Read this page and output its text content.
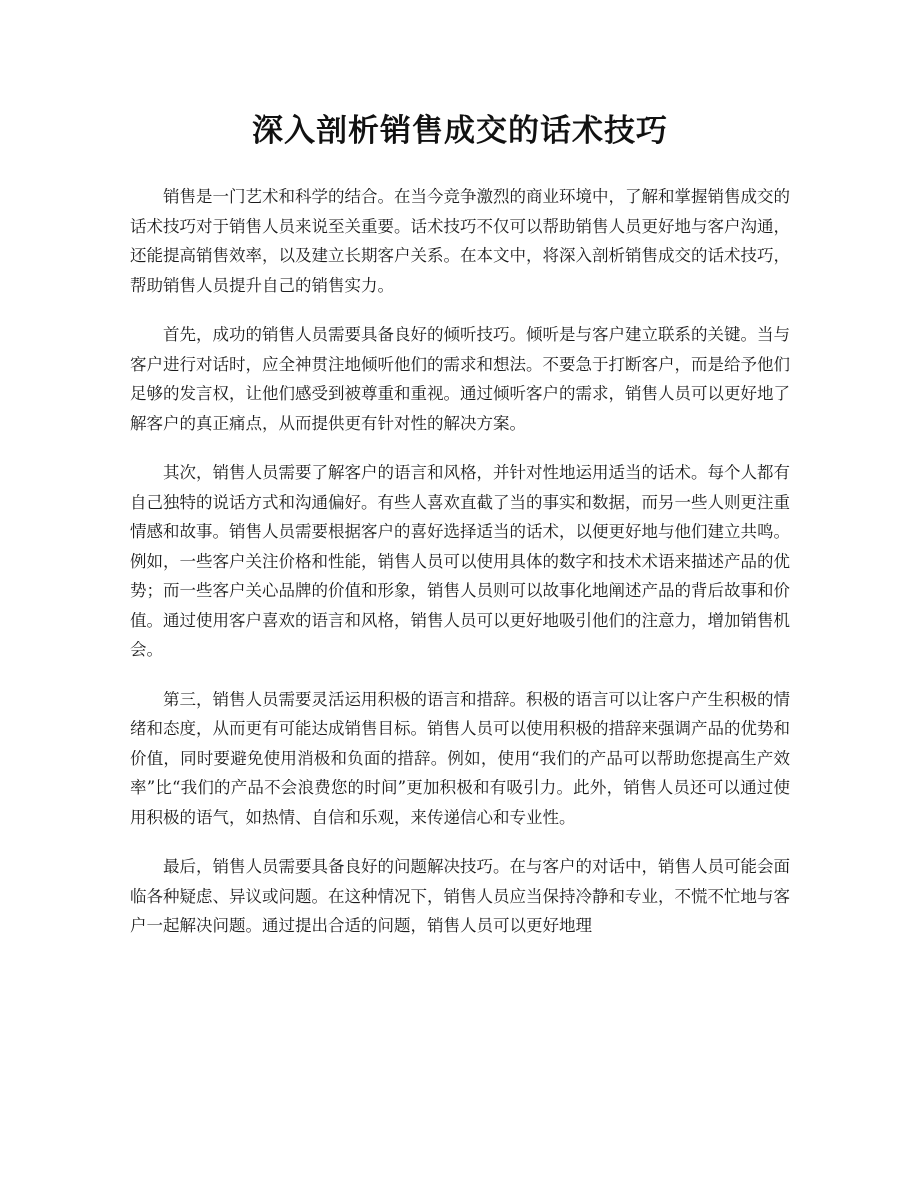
深入剖析销售成交的话术技巧

销售是一门艺术和科学的结合。在当今竞争激烈的商业环境中，了解和掌握销售成交的话术技巧对于销售人员来说至关重要。话术技巧不仅可以帮助销售人员更好地与客户沟通，还能提高销售效率，以及建立长期客户关系。在本文中，将深入剖析销售成交的话术技巧，帮助销售人员提升自己的销售实力。

首先，成功的销售人员需要具备良好的倾听技巧。倾听是与客户建立联系的关键。当与客户进行对话时，应全神贯注地倾听他们的需求和想法。不要急于打断客户，而是给予他们足够的发言权，让他们感受到被尊重和重视。通过倾听客户的需求，销售人员可以更好地了解客户的真正痛点，从而提供更有针对性的解决方案。

其次，销售人员需要了解客户的语言和风格，并针对性地运用适当的话术。每个人都有自己独特的说话方式和沟通偏好。有些人喜欢直截了当的事实和数据，而另一些人则更注重情感和故事。销售人员需要根据客户的喜好选择适当的话术，以便更好地与他们建立共鸣。例如，一些客户关注价格和性能，销售人员可以使用具体的数字和技术术语来描述产品的优势；而一些客户关心品牌的价值和形象，销售人员则可以故事化地阐述产品的背后故事和价值。通过使用客户喜欢的语言和风格，销售人员可以更好地吸引他们的注意力，增加销售机会。

第三，销售人员需要灵活运用积极的语言和措辞。积极的语言可以让客户产生积极的情绪和态度，从而更有可能达成销售目标。销售人员可以使用积极的措辞来强调产品的优势和价值，同时要避免使用消极和负面的措辞。例如，使用“我们的产品可以帮助您提高生产效率”比“我们的产品不会浪费您的时间”更加积极和有吸引力。此外，销售人员还可以通过使用积极的语气，如热情、自信和乐观，来传递信心和专业性。

最后，销售人员需要具备良好的问题解决技巧。在与客户的对话中，销售人员可能会面临各种疑虑、异议或问题。在这种情况下，销售人员应当保持冷静和专业，不慌不忙地与客户一起解决问题。通过提出合适的问题，销售人员可以更好地理
